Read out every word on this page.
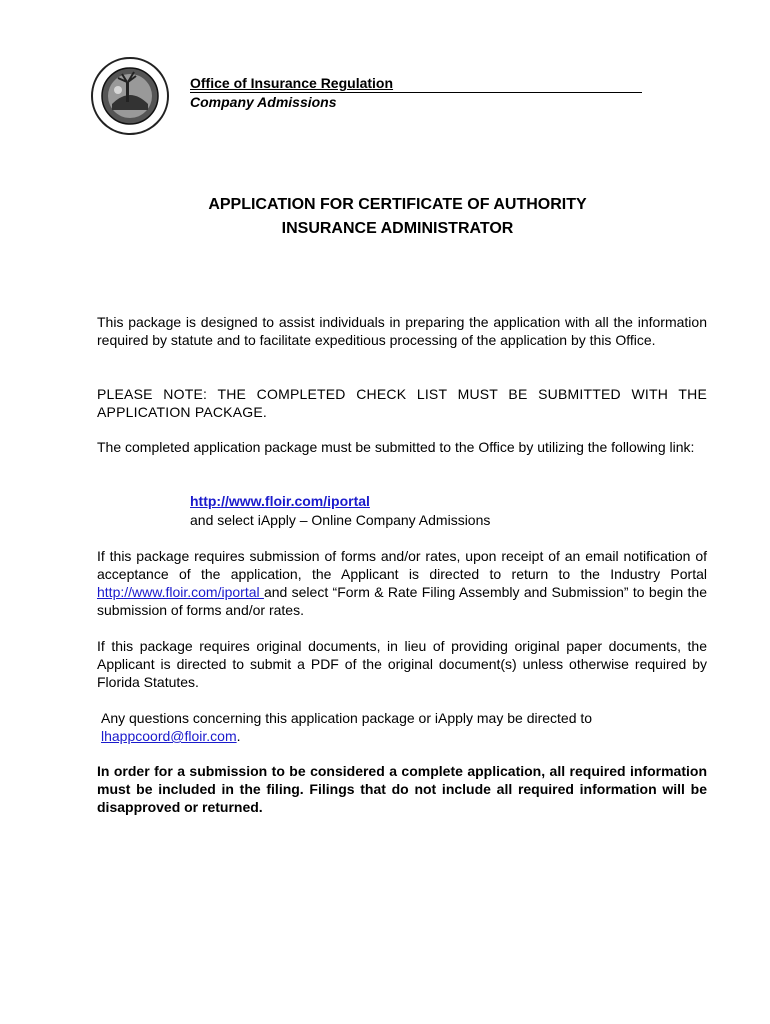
Office of Insurance Regulation
Company Admissions
APPLICATION FOR CERTIFICATE OF AUTHORITY
INSURANCE ADMINISTRATOR
This package is designed to assist individuals in preparing the application with all the information required by statute and to facilitate expeditious processing of the application by this Office.
PLEASE NOTE: THE COMPLETED CHECK LIST MUST BE SUBMITTED WITH THE APPLICATION PACKAGE.
The completed application package must be submitted to the Office by utilizing the following link:
http://www.floir.com/iportal
and select iApply – Online Company Admissions
If this package requires submission of forms and/or rates, upon receipt of an email notification of acceptance of the application, the Applicant is directed to return to the Industry Portal http://www.floir.com/iportal and select “Form & Rate Filing Assembly and Submission” to begin the submission of forms and/or rates.
If this package requires original documents, in lieu of providing original paper documents, the Applicant is directed to submit a PDF of the original document(s) unless otherwise required by Florida Statutes.
Any questions concerning this application package or iApply may be directed to
lhappcoord@floir.com.
In order for a submission to be considered a complete application, all required information must be included in the filing. Filings that do not include all required information will be disapproved or returned.
